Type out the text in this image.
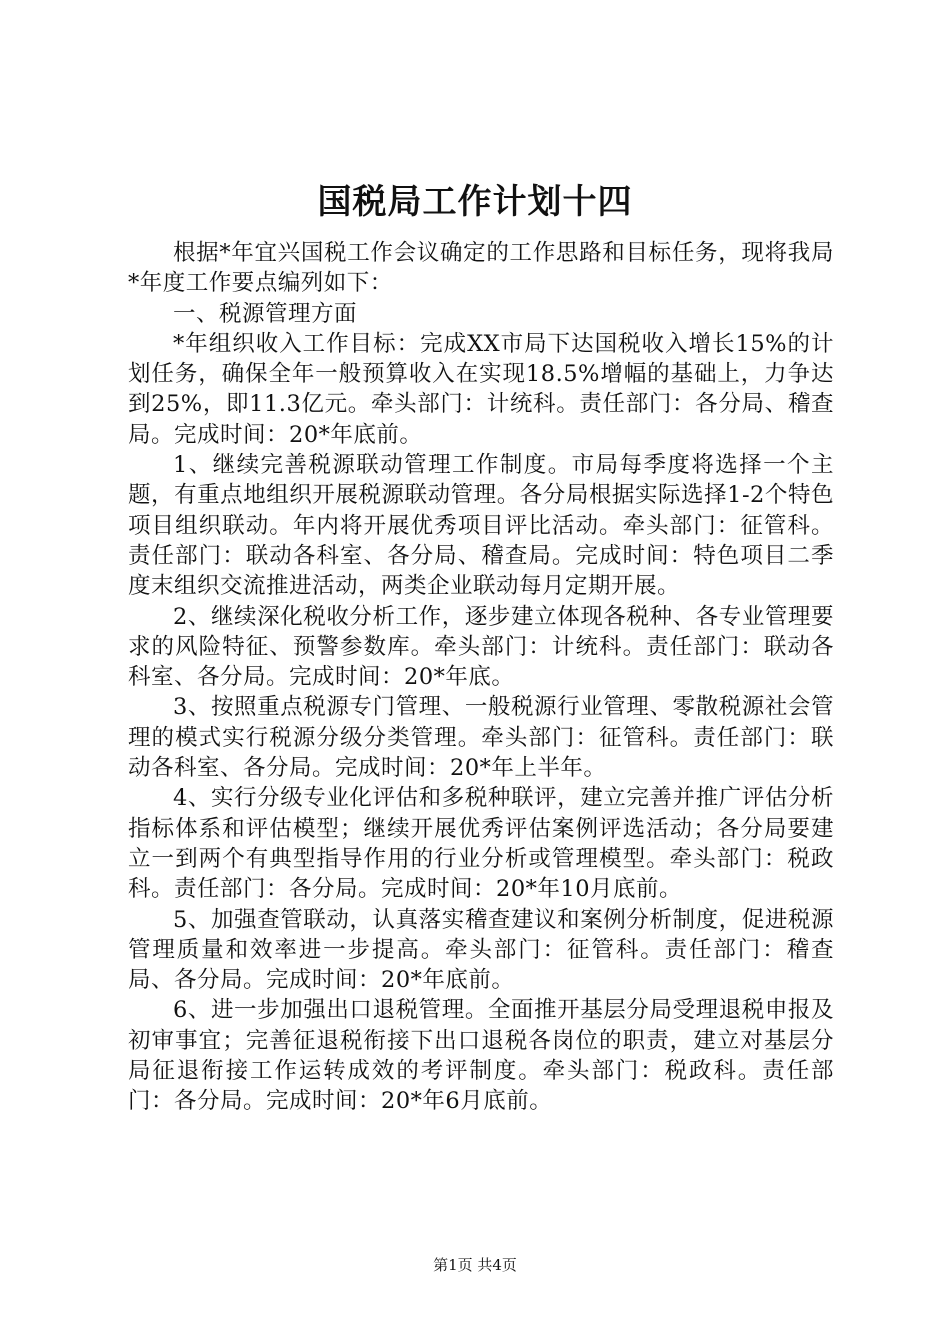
国税局工作计划十四

根据*年宜兴国税工作会议确定的工作思路和目标任务，现将我局*年度工作要点编列如下：

一、税源管理方面

*年组织收入工作目标：完成XX市局下达国税收入增长15%的计划任务，确保全年一般预算收入在实现18.5%增幅的基础上，力争达到25%，即11.3亿元。牵头部门：计统科。责任部门：各分局、稽查局。完成时间：20*年底前。

1、继续完善税源联动管理工作制度。市局每季度将选择一个主题，有重点地组织开展税源联动管理。各分局根据实际选择1-2个特色项目组织联动。年内将开展优秀项目评比活动。牵头部门：征管科。责任部门：联动各科室、各分局、稽查局。完成时间：特色项目二季度末组织交流推进活动，两类企业联动每月定期开展。

2、继续深化税收分析工作，逐步建立体现各税种、各专业管理要求的风险特征、预警参数库。牵头部门：计统科。责任部门：联动各科室、各分局。完成时间：20*年底。

3、按照重点税源专门管理、一般税源行业管理、零散税源社会管理的模式实行税源分级分类管理。牵头部门：征管科。责任部门：联动各科室、各分局。完成时间：20*年上半年。

4、实行分级专业化评估和多税种联评，建立完善并推广评估分析指标体系和评估模型；继续开展优秀评估案例评选活动；各分局要建立一到两个有典型指导作用的行业分析或管理模型。牵头部门：税政科。责任部门：各分局。完成时间：20*年10月底前。

5、加强查管联动，认真落实稽查建议和案例分析制度，促进税源管理质量和效率进一步提高。牵头部门：征管科。责任部门：稽查局、各分局。完成时间：20*年底前。

6、进一步加强出口退税管理。全面推开基层分局受理退税申报及初审事宜；完善征退税衔接下出口退税各岗位的职责，建立对基层分局征退衔接工作运转成效的考评制度。牵头部门：税政科。责任部门：各分局。完成时间：20*年6月底前。

第1页 共4页
